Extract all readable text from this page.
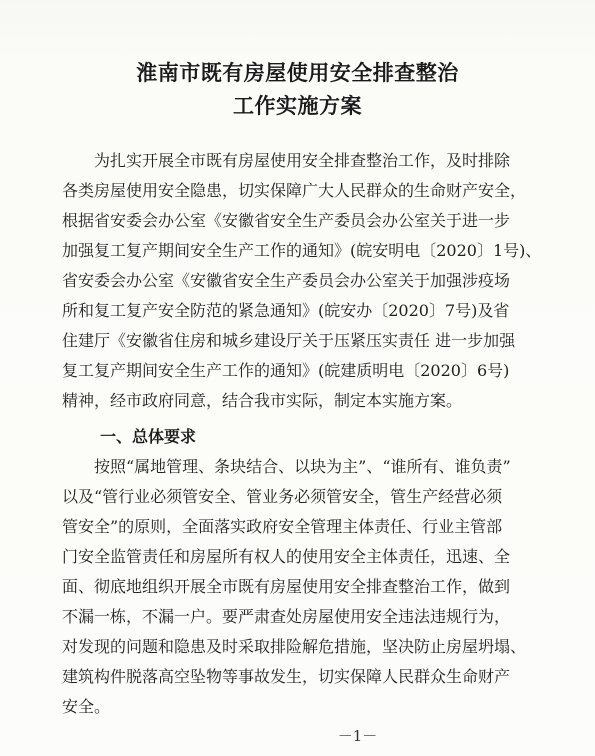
淮南市既有房屋使用安全排查整治
工作实施方案
　　为扎实开展全市既有房屋使用安全排查整治工作，及时排除
各类房屋使用安全隐患，切实保障广大人民群众的生命财产安全，
根据省安委会办公室《安徽省安全生产委员会办公室关于进一步
加强复工复产期间安全生产工作的通知》(皖安明电〔2020〕1号)、
省安委会办公室《安徽省安全生产委员会办公室关于加强涉疫场
所和复工复产安全防范的紧急通知》(皖安办〔2020〕7号)及省
住建厅《安徽省住房和城乡建设厅关于压紧压实责任 进一步加强
复工复产期间安全生产工作的通知》(皖建质明电〔2020〕6号)
精神，经市政府同意，结合我市实际，制定本实施方案。
一、总体要求
　　按照“属地管理、条块结合、以块为主”、“谁所有、谁负责”
以及“管行业必须管安全、管业务必须管安全，管生产经营必须
管安全”的原则，全面落实政府安全管理主体责任、行业主管部
门安全监管责任和房屋所有权人的使用安全主体责任，迅速、全
面、彻底地组织开展全市既有房屋使用安全排查整治工作，做到
不漏一栋，不漏一户。要严肃查处房屋使用安全违法违规行为，
对发现的问题和隐患及时采取排险解危措施，坚决防止房屋坍塌、
建筑构件脱落高空坠物等事故发生，切实保障人民群众生命财产
安全。
－1－
